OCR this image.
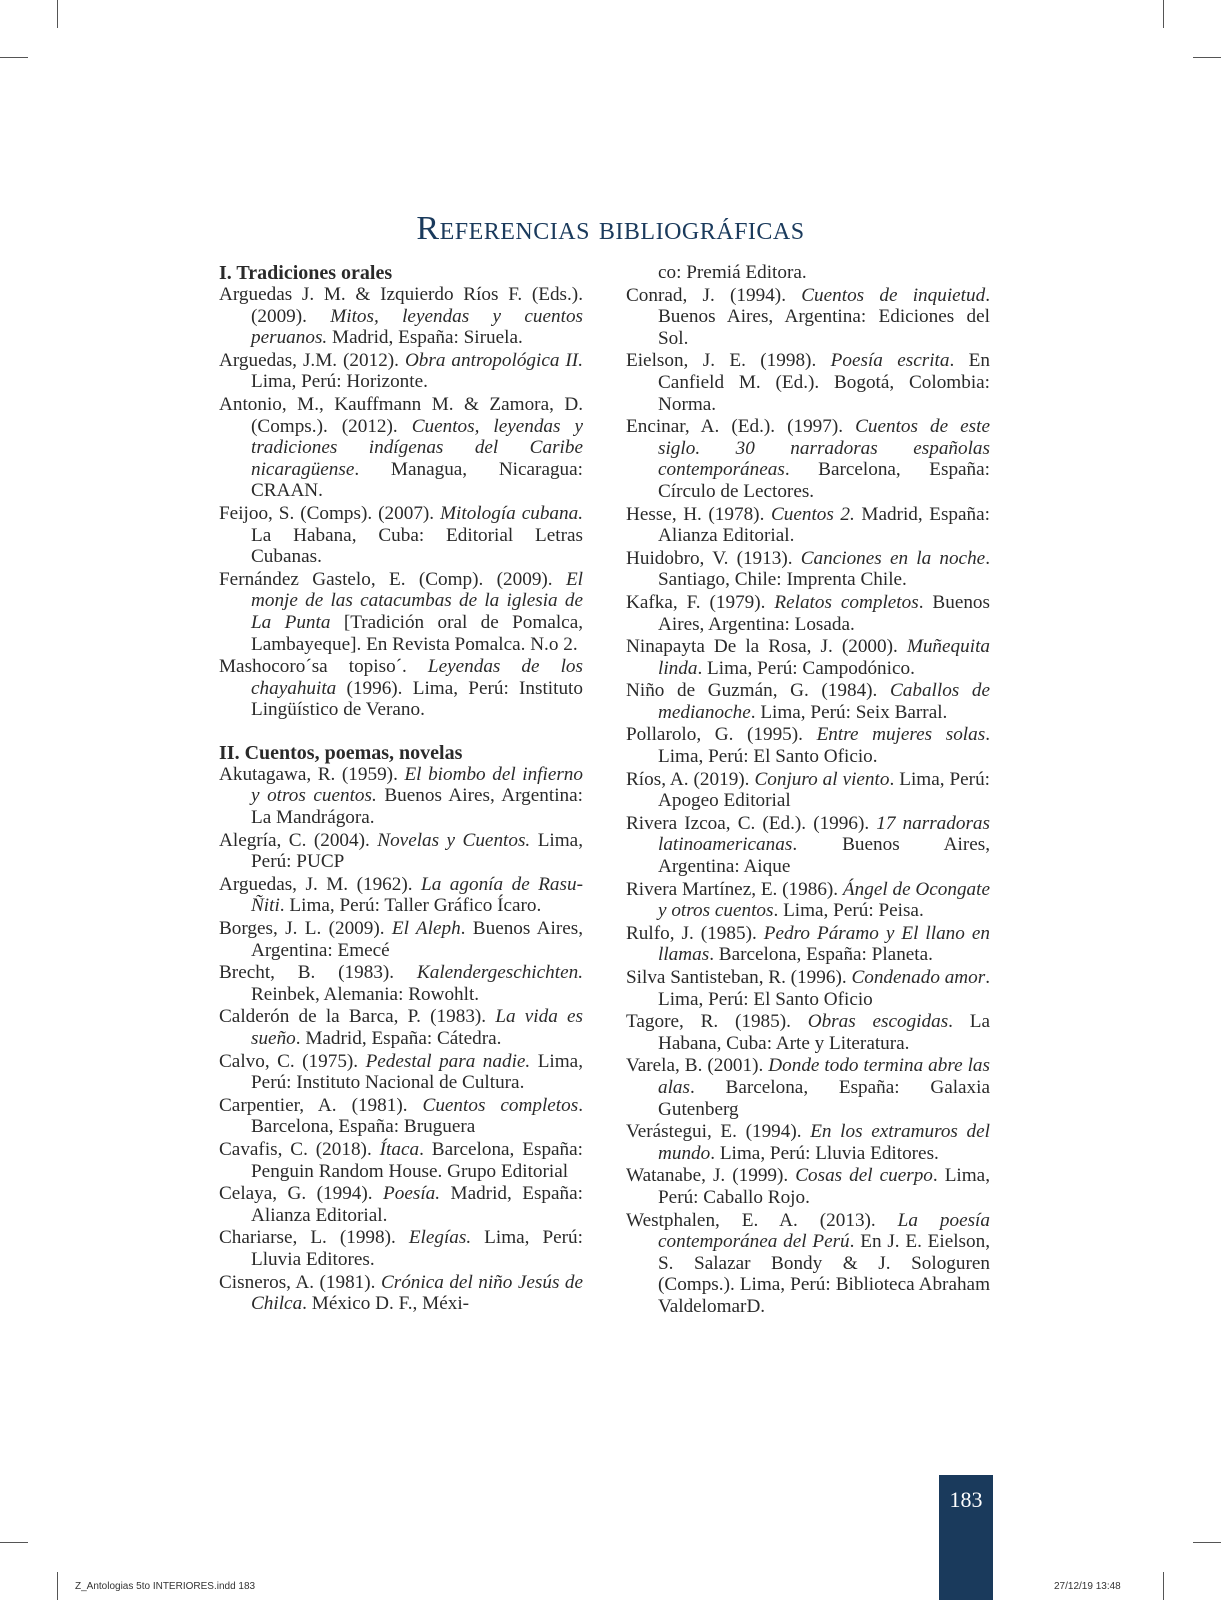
Referencias bibliográficas

I. Tradiciones orales

Arguedas J. M. & Izquierdo Ríos F. (Eds.). (2009). Mitos, leyendas y cuentos peruanos. Madrid, España: Siruela.

Arguedas, J.M. (2012). Obra antropológica II. Lima, Perú: Horizonte.

Antonio, M., Kauffmann M. & Zamora, D. (Comps.). (2012). Cuentos, leyendas y tradiciones indígenas del Caribe nicaragüense. Managua, Nicaragua: CRAAN.

Feijoo, S. (Comps). (2007). Mitología cubana. La Habana, Cuba: Editorial Letras Cubanas.

Fernández Gastelo, E. (Comp). (2009). El monje de las catacumbas de la iglesia de La Punta [Tradición oral de Pomalca, Lambayeque]. En Revista Pomalca. N.o 2.

Mashocoro´sa topiso´. Leyendas de los chayahuita (1996). Lima, Perú: Instituto Lingüístico de Verano.

II. Cuentos, poemas, novelas

Akutagawa, R. (1959). El biombo del infierno y otros cuentos. Buenos Aires, Argentina: La Mandrágora.

Alegría, C. (2004). Novelas y Cuentos. Lima, Perú: PUCP

Arguedas, J. M. (1962). La agonía de Rasu-Ñiti. Lima, Perú: Taller Gráfico Ícaro.

Borges, J. L. (2009). El Aleph. Buenos Aires, Argentina: Emecé

Brecht, B. (1983). Kalendergeschichten. Reinbek, Alemania: Rowohlt.

Calderón de la Barca, P. (1983). La vida es sueño. Madrid, España: Cátedra.

Calvo, C. (1975). Pedestal para nadie. Lima, Perú: Instituto Nacional de Cultura.

Carpentier, A. (1981). Cuentos completos. Barcelona, España: Bruguera

Cavafis, C. (2018). Ítaca. Barcelona, España: Penguin Random House. Grupo Editorial

Celaya, G. (1994). Poesía. Madrid, España: Alianza Editorial.

Chariarse, L. (1998). Elegías. Lima, Perú: Lluvia Editores.

Cisneros, A. (1981). Crónica del niño Jesús de Chilca. México D. F., Méxi-

co: Premiá Editora.

Conrad, J. (1994). Cuentos de inquietud. Buenos Aires, Argentina: Ediciones del Sol.

Eielson, J. E. (1998). Poesía escrita. En Canfield M. (Ed.). Bogotá, Colombia: Norma.

Encinar, A. (Ed.). (1997). Cuentos de este siglo. 30 narradoras españolas contemporáneas. Barcelona, España: Círculo de Lectores.

Hesse, H. (1978). Cuentos 2. Madrid, España: Alianza Editorial.

Huidobro, V. (1913). Canciones en la noche. Santiago, Chile: Imprenta Chile.

Kafka, F. (1979). Relatos completos. Buenos Aires, Argentina: Losada.

Ninapayta De la Rosa, J. (2000). Muñequita linda. Lima, Perú: Campodónico.

Niño de Guzmán, G. (1984). Caballos de medianoche. Lima, Perú: Seix Barral.

Pollarolo, G. (1995). Entre mujeres solas. Lima, Perú: El Santo Oficio.

Ríos, A. (2019). Conjuro al viento. Lima, Perú: Apogeo Editorial

Rivera Izcoa, C. (Ed.). (1996). 17 narradoras latinoamericanas. Buenos Aires, Argentina: Aique

Rivera Martínez, E. (1986). Ángel de Ocongate y otros cuentos. Lima, Perú: Peisa.

Rulfo, J. (1985). Pedro Páramo y El llano en llamas. Barcelona, España: Planeta.

Silva Santisteban, R. (1996). Condenado amor. Lima, Perú: El Santo Oficio

Tagore, R. (1985). Obras escogidas. La Habana, Cuba: Arte y Literatura.

Varela, B. (2001). Donde todo termina abre las alas. Barcelona, España: Galaxia Gutenberg

Verástegui, E. (1994). En los extramuros del mundo. Lima, Perú: Lluvia Editores.

Watanabe, J. (1999). Cosas del cuerpo. Lima, Perú: Caballo Rojo.

Westphalen, E. A. (2013). La poesía contemporánea del Perú. En J. E. Eielson, S. Salazar Bondy & J. Sologuren (Comps.). Lima, Perú: Biblioteca Abraham ValdelomarD.

183
Z_Antologias 5to INTERIORES.indd 183	27/12/19 13:48
